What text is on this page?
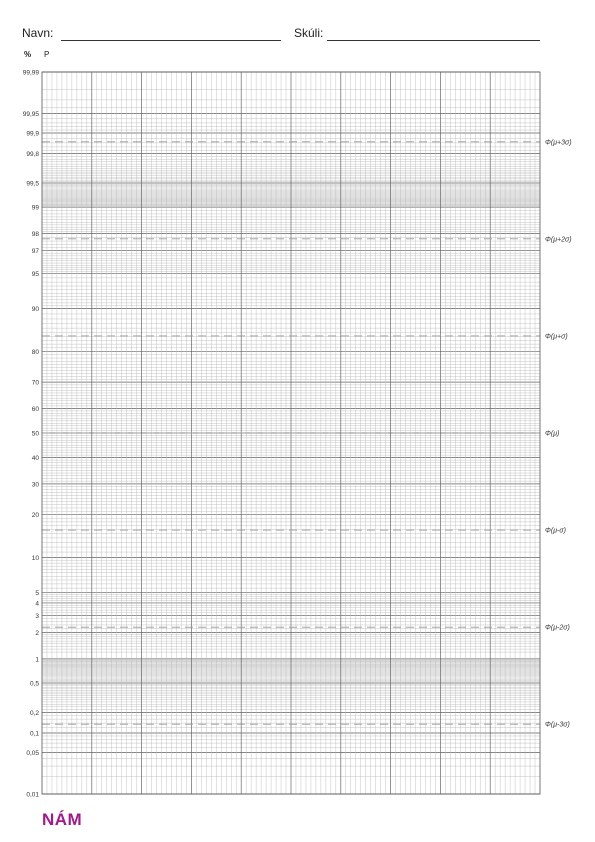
Navn:	Skúli:
% P
99,99
99,95
99,9
99,8
99,5
99
98
97
95
90
80
70
60
50
40
30
20
10
5
4
3
2
1
0,5
0,2
0,1
0,05
0,01
Φ(μ+3σ)
Φ(μ+2σ)
Φ(μ+σ)
Φ(μ)
Φ(μ-σ)
Φ(μ-2σ)
Φ(μ-3σ)
NÁM
